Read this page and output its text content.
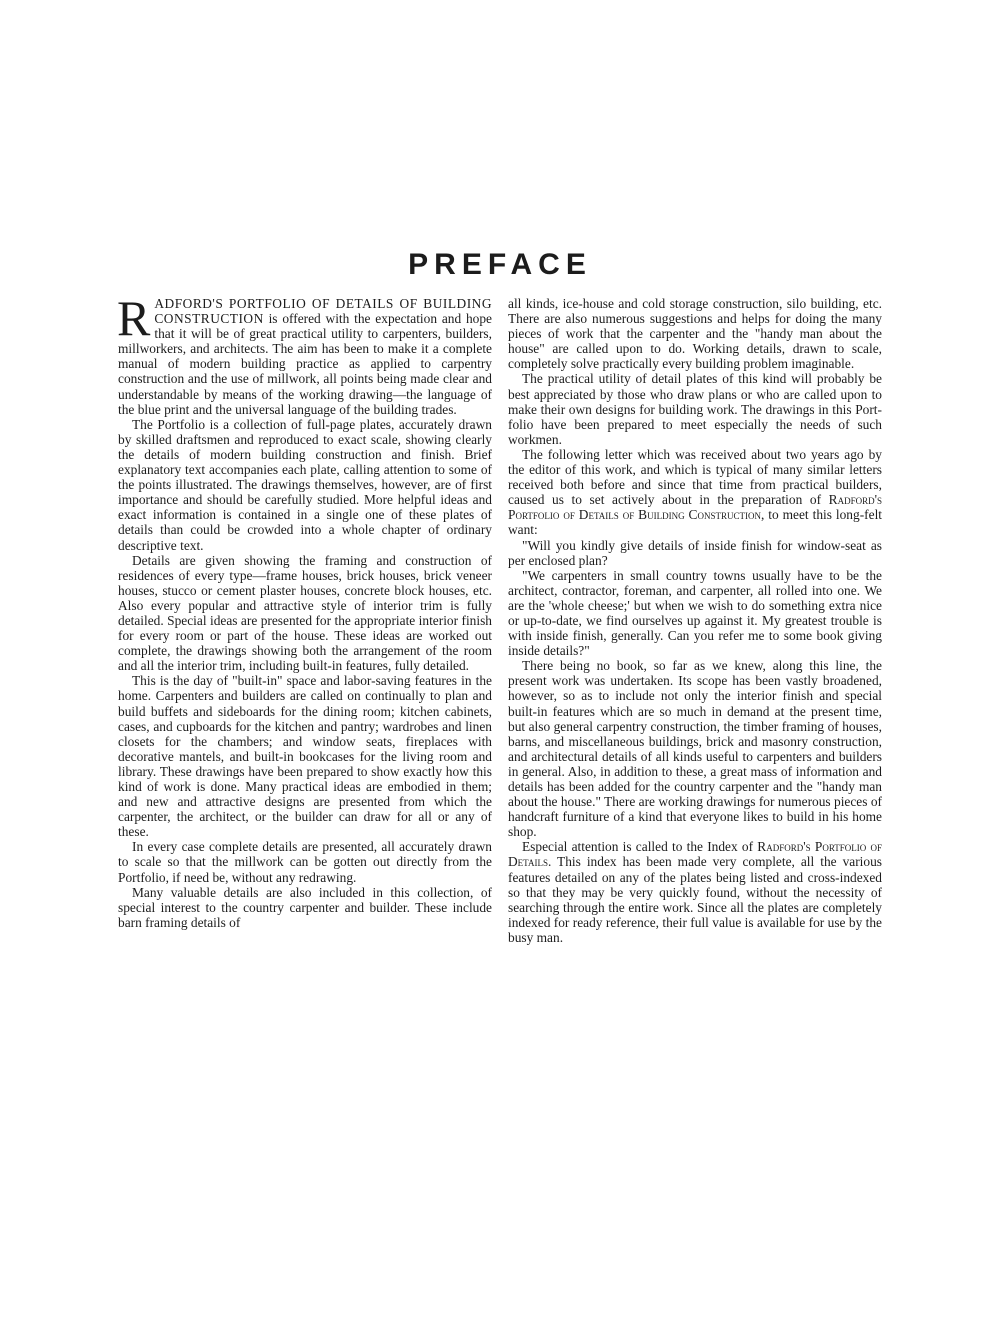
PREFACE

RADFORD'S PORTFOLIO OF DETAILS OF BUILDING CONSTRUCTION is offered with the expectation and hope that it will be of great practical utility to carpenters, builders, millworkers, and architects. The aim has been to make it a complete manual of modern building practice as applied to carpentry construction and the use of millwork, all points being made clear and understandable by means of the working drawing—the language of the blue print and the universal language of the building trades.

The Portfolio is a collection of full-page plates, accurately drawn by skilled draftsmen and reproduced to exact scale, showing clearly the details of modern building construction and finish. Brief explanatory text accompanies each plate, calling attention to some of the points illustrated. The drawings themselves, however, are of first importance and should be carefully studied. More helpful ideas and exact information is contained in a single one of these plates of details than could be crowded into a whole chapter of ordinary descriptive text.

Details are given showing the framing and construction of residences of every type—frame houses, brick houses, brick veneer houses, stucco or cement plaster houses, concrete block houses, etc. Also every popular and attractive style of interior trim is fully detailed. Special ideas are presented for the appropriate interior finish for every room or part of the house. These ideas are worked out complete, the drawings showing both the arrangement of the room and all the interior trim, including built-in features, fully detailed.

This is the day of "built-in" space and labor-saving features in the home. Carpenters and builders are called on continually to plan and build buffets and sideboards for the dining room; kitchen cabinets, cases, and cupboards for the kitchen and pantry; wardrobes and linen closets for the chambers; and window seats, fireplaces with decorative mantels, and built-in bookcases for the living room and library. These drawings have been prepared to show exactly how this kind of work is done. Many practical ideas are embodied in them; and new and attractive designs are presented from which the carpenter, the architect, or the builder can draw for all or any of these.

In every case complete details are presented, all accurately drawn to scale so that the millwork can be gotten out directly from the Portfolio, if need be, without any redrawing.

Many valuable details are also included in this collection, of special interest to the country carpenter and builder. These include barn framing details of

all kinds, ice-house and cold storage construction, silo building, etc. There are also numerous suggestions and helps for doing the many pieces of work that the carpenter and the "handy man about the house" are called upon to do. Working details, drawn to scale, completely solve practically every building problem imaginable.

The practical utility of detail plates of this kind will probably be best appreciated by those who draw plans or who are called upon to make their own designs for building work. The drawings in this Portfolio have been prepared to meet especially the needs of such workmen.

The following letter which was received about two years ago by the editor of this work, and which is typical of many similar letters received both before and since that time from practical builders, caused us to set actively about in the preparation of Radford's Portfolio of Details of Building Construction, to meet this long-felt want:

"Will you kindly give details of inside finish for window-seat as per enclosed plan?

"We carpenters in small country towns usually have to be the architect, contractor, foreman, and carpenter, all rolled into one. We are the 'whole cheese;' but when we wish to do something extra nice or up-to-date, we find ourselves up against it. My greatest trouble is with inside finish, generally. Can you refer me to some book giving inside details?"

There being no book, so far as we knew, along this line, the present work was undertaken. Its scope has been vastly broadened, however, so as to include not only the interior finish and special built-in features which are so much in demand at the present time, but also general carpentry construction, the timber framing of houses, barns, and miscellaneous buildings, brick and masonry construction, and architectural details of all kinds useful to carpenters and builders in general. Also, in addition to these, a great mass of information and details has been added for the country carpenter and the "handy man about the house." There are working drawings for numerous pieces of handcraft furniture of a kind that everyone likes to build in his home shop.

Especial attention is called to the Index of Radford's Portfolio of Details. This index has been made very complete, all the various features detailed on any of the plates being listed and cross-indexed so that they may be very quickly found, without the necessity of searching through the entire work. Since all the plates are completely indexed for ready reference, their full value is available for use by the busy man.
